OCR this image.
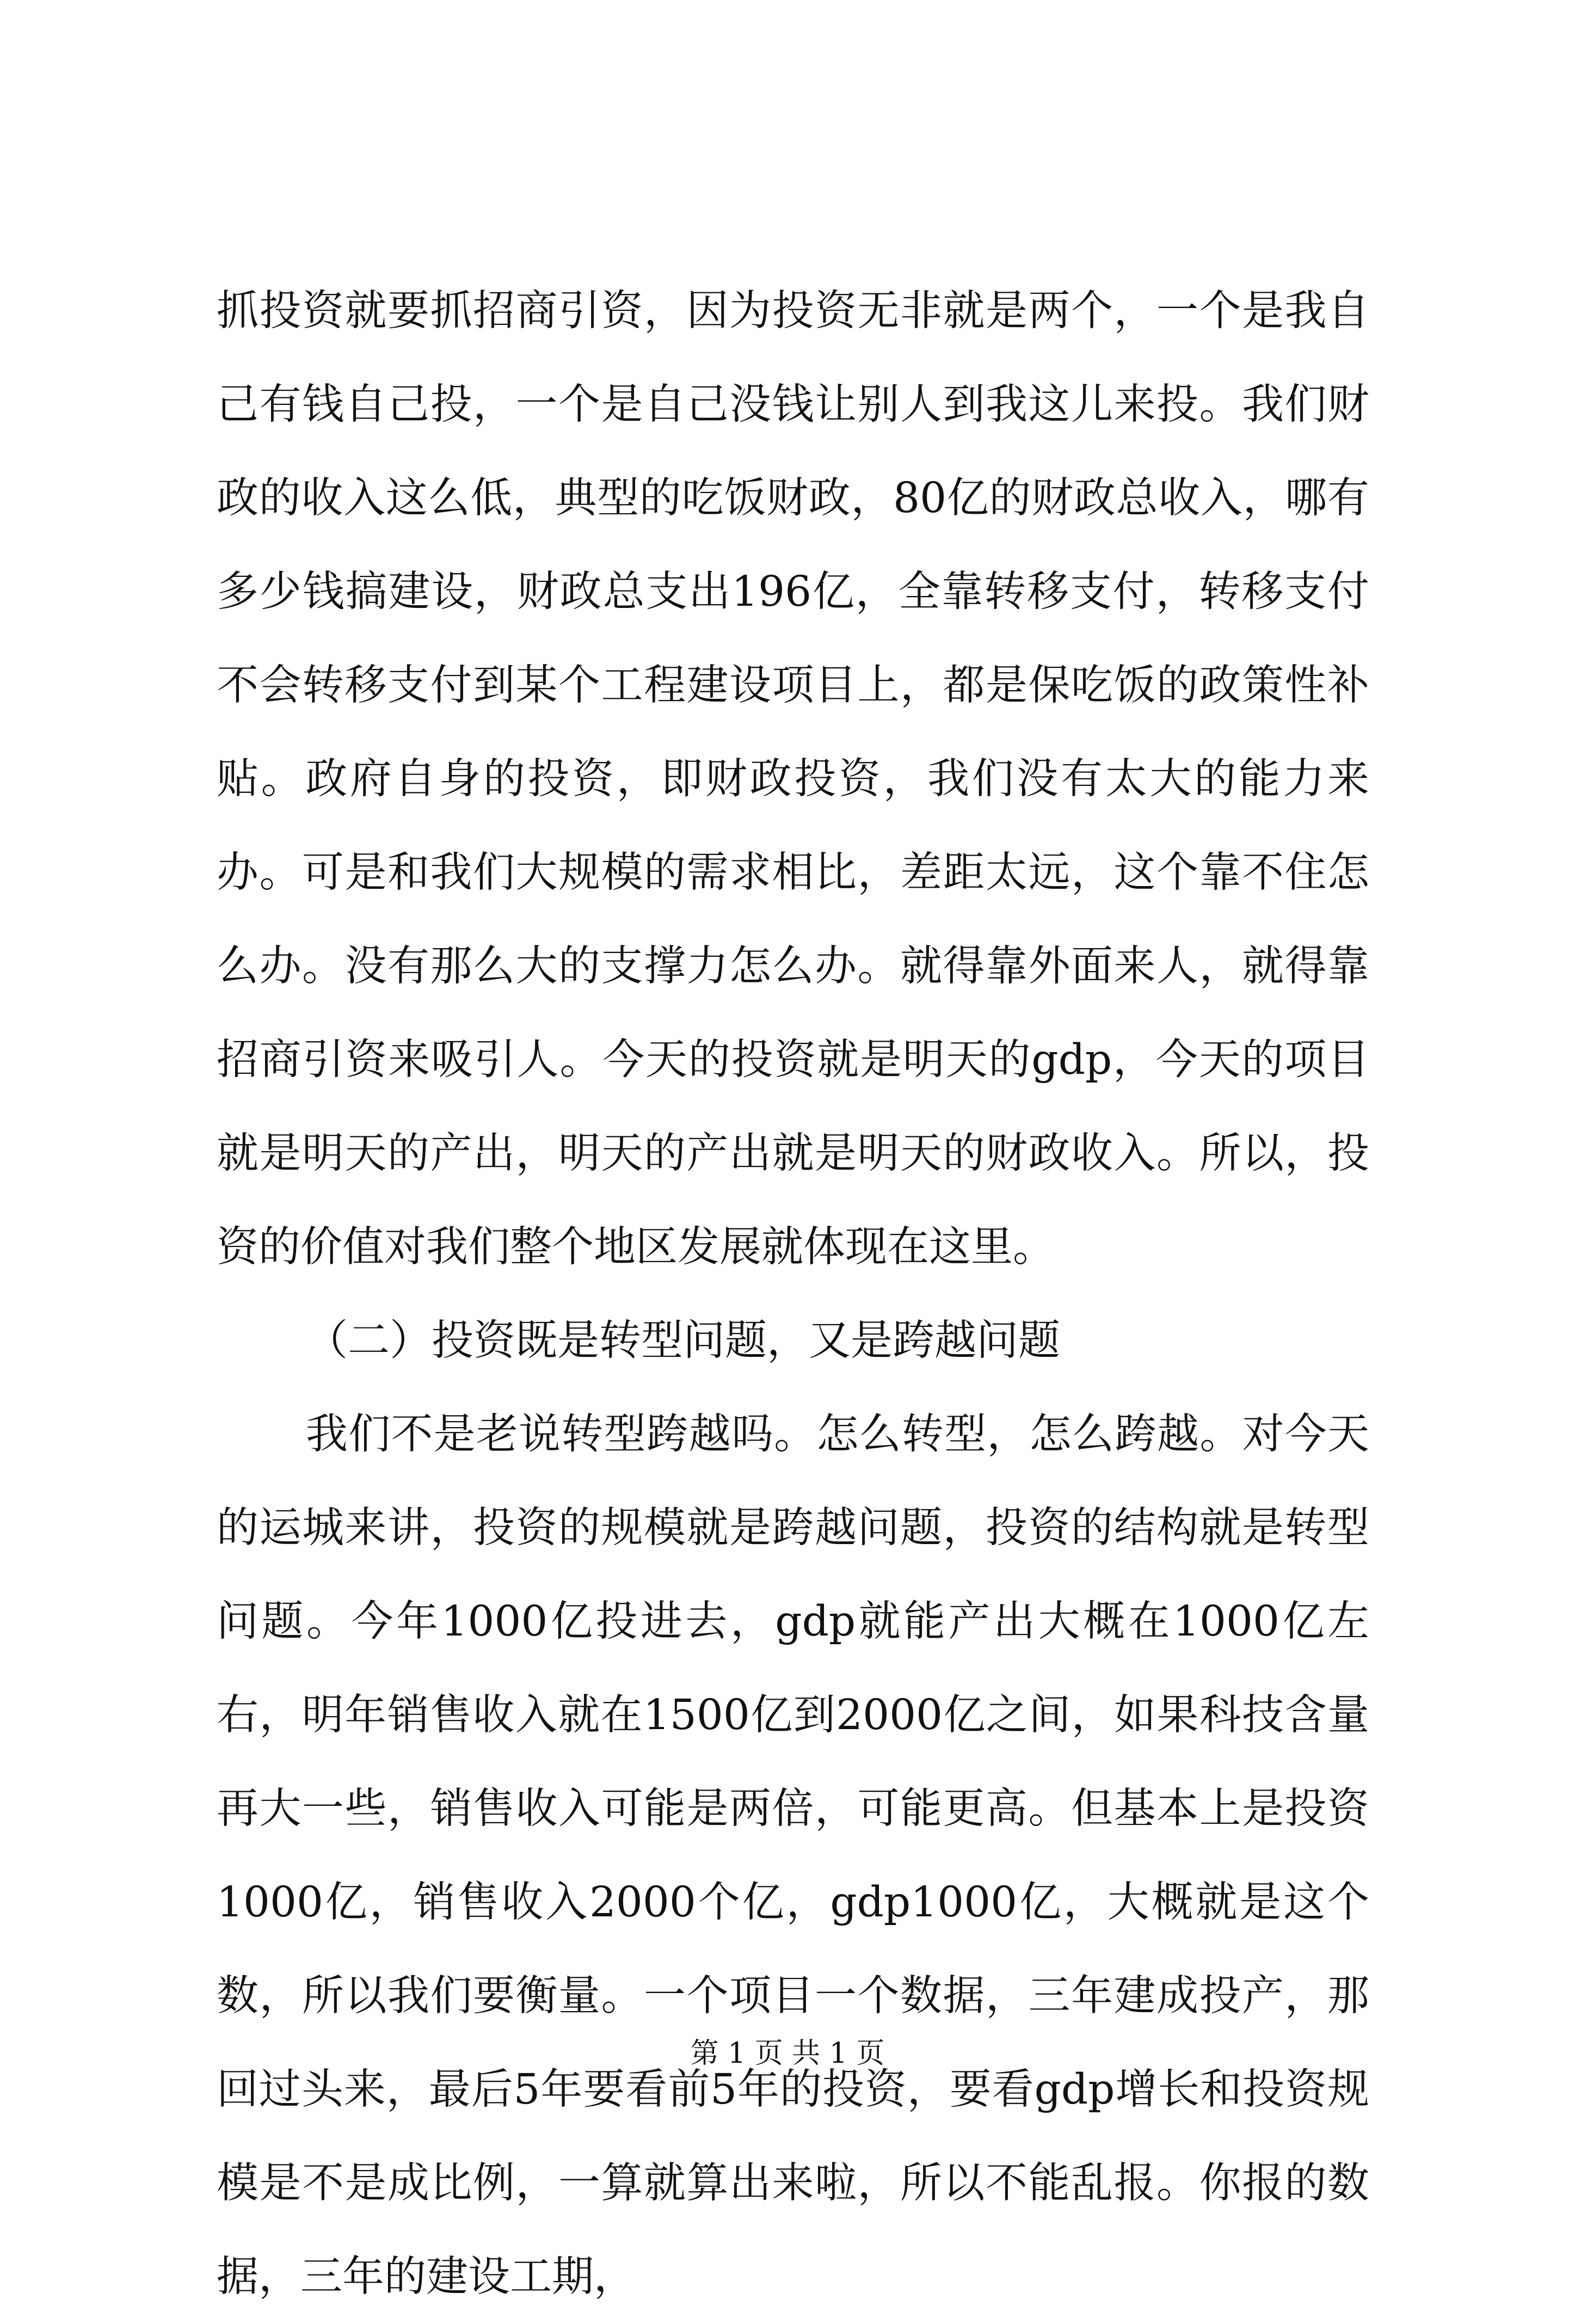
抓投资就要抓招商引资，因为投资无非就是两个，一个是我自己有钱自己投，一个是自己没钱让别人到我这儿来投。我们财政的收入这么低，典型的吃饭财政，80亿的财政总收入，哪有多少钱搞建设，财政总支出196亿，全靠转移支付，转移支付不会转移支付到某个工程建设项目上，都是保吃饭的政策性补贴。政府自身的投资，即财政投资，我们没有太大的能力来办。可是和我们大规模的需求相比，差距太远，这个靠不住怎么办。没有那么大的支撑力怎么办。就得靠外面来人，就得靠招商引资来吸引人。今天的投资就是明天的gdp，今天的项目就是明天的产出，明天的产出就是明天的财政收入。所以，投资的价值对我们整个地区发展就体现在这里。

（二）投资既是转型问题，又是跨越问题

我们不是老说转型跨越吗。怎么转型，怎么跨越。对今天的运城来讲，投资的规模就是跨越问题，投资的结构就是转型问题。今年1000亿投进去，gdp就能产出大概在1000亿左右，明年销售收入就在1500亿到2000亿之间，如果科技含量再大一些，销售收入可能是两倍，可能更高。但基本上是投资1000亿，销售收入2000个亿，gdp1000亿，大概就是这个数，所以我们要衡量。一个项目一个数据，三年建成投产，那回过头来，最后5年要看前5年的投资，要看gdp增长和投资规模是不是成比例，一算就算出来啦，所以不能乱报。你报的数据，三年的建设工期，

第 1 页 共 1 页
